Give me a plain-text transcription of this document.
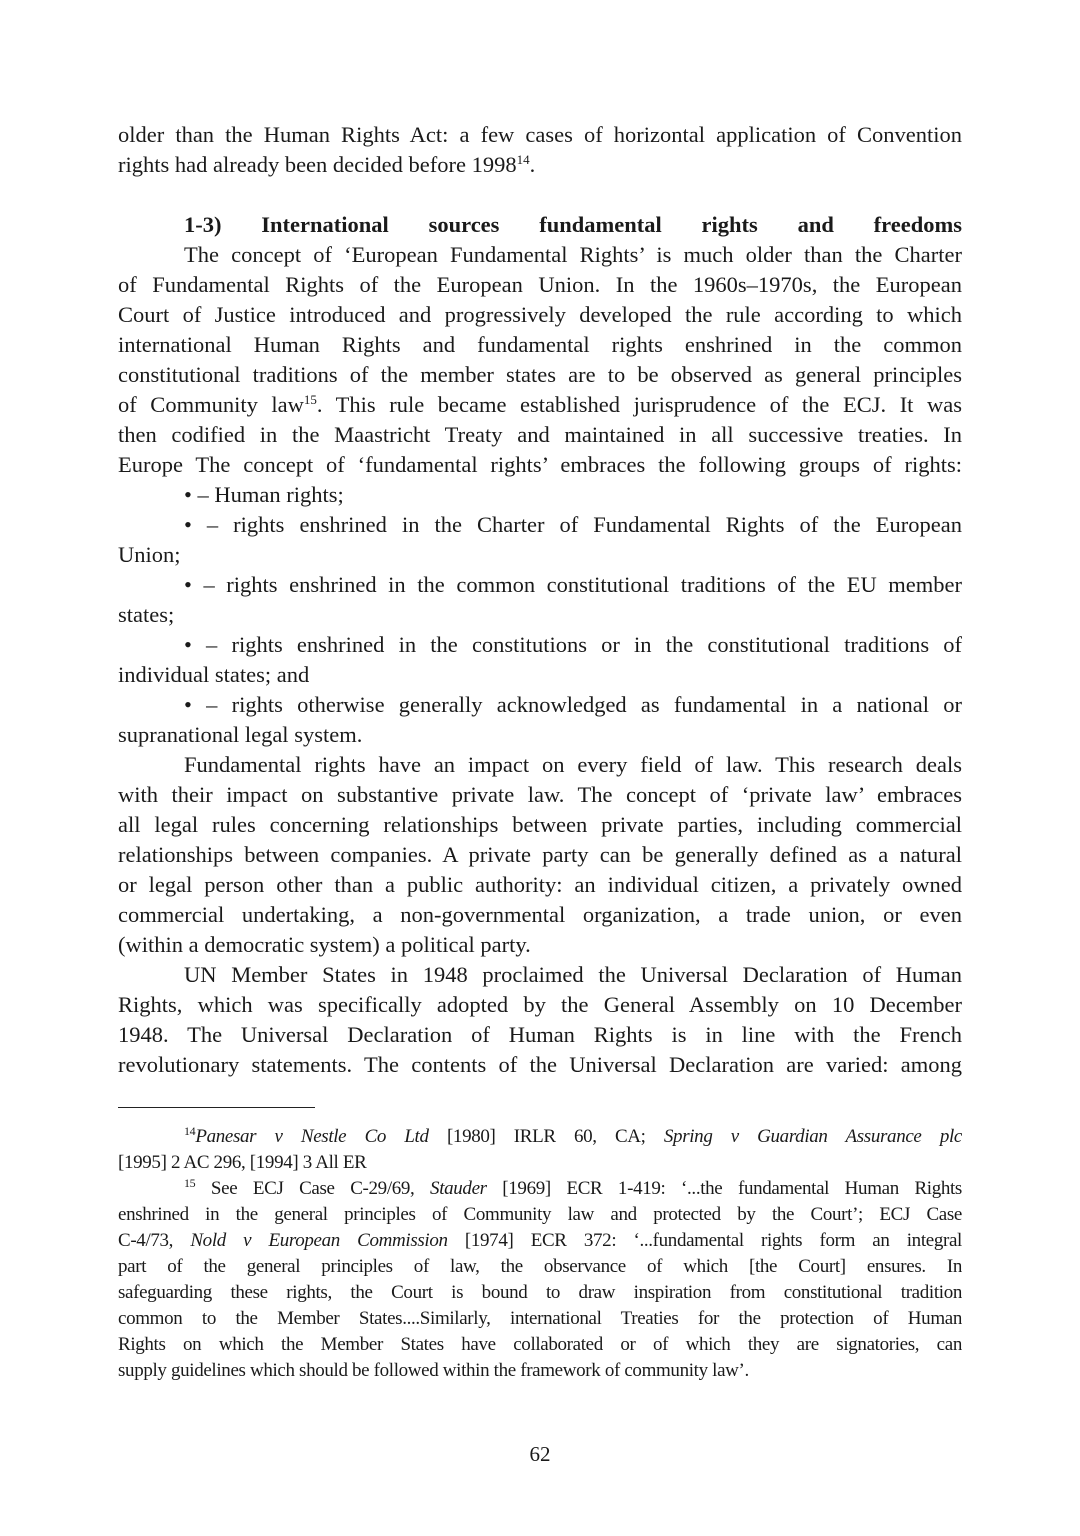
older than the Human Rights Act: a few cases of horizontal application of Convention
rights had already been decided before 1998$^{14}$.
1-3) International sources fundamental rights and freedoms
The concept of ‘European Fundamental Rights’ is much older than the Charter
of Fundamental Rights of the European Union. In the 1960s–1970s, the European
Court of Justice introduced and progressively developed the rule according to which
international Human Rights and fundamental rights enshrined in the common
constitutional traditions of the member states are to be observed as general principles
of Community law$^{15}$. This rule became established jurisprudence of the ECJ. It was
then codified in the Maastricht Treaty and maintained in all successive treaties. In
Europe The concept of ‘fundamental rights’ embraces the following groups of rights:
• – Human rights;
• – rights enshrined in the Charter of Fundamental Rights of the European
Union;
• – rights enshrined in the common constitutional traditions of the EU member
states;
• – rights enshrined in the constitutions or in the constitutional traditions of
individual states; and
• – rights otherwise generally acknowledged as fundamental in a national or
supranational legal system.
Fundamental rights have an impact on every field of law. This research deals
with their impact on substantive private law. The concept of ‘private law’ embraces
all legal rules concerning relationships between private parties, including commercial
relationships between companies. A private party can be generally defined as a natural
or legal person other than a public authority: an individual citizen, a privately owned
commercial undertaking, a non-governmental organization, a trade union, or even
(within a democratic system) a political party.
UN Member States in 1948 proclaimed the Universal Declaration of Human
Rights, which was specifically adopted by the General Assembly on 10 December
1948. The Universal Declaration of Human Rights is in line with the French
revolutionary statements. The contents of the Universal Declaration are varied: among
$^{14}$Panesar v Nestle Co Ltd [1980] IRLR 60, CA; Spring v Guardian Assurance plc
[1995] 2 AC 296, [1994] 3 All ER
$^{15}$ See ECJ Case C-29/69, Stauder [1969] ECR 1-419: ‘...the fundamental Human Rights
enshrined in the general principles of Community law and protected by the Court’; ECJ Case
C-4/73, Nold v European Commission [1974] ECR 372: ‘...fundamental rights form an integral
part of the general principles of law, the observance of which [the Court] ensures. In
safeguarding these rights, the Court is bound to draw inspiration from constitutional tradition
common to the Member States....Similarly, international Treaties for the protection of Human
Rights on which the Member States have collaborated or of which they are signatories, can
supply guidelines which should be followed within the framework of community law’.
62
